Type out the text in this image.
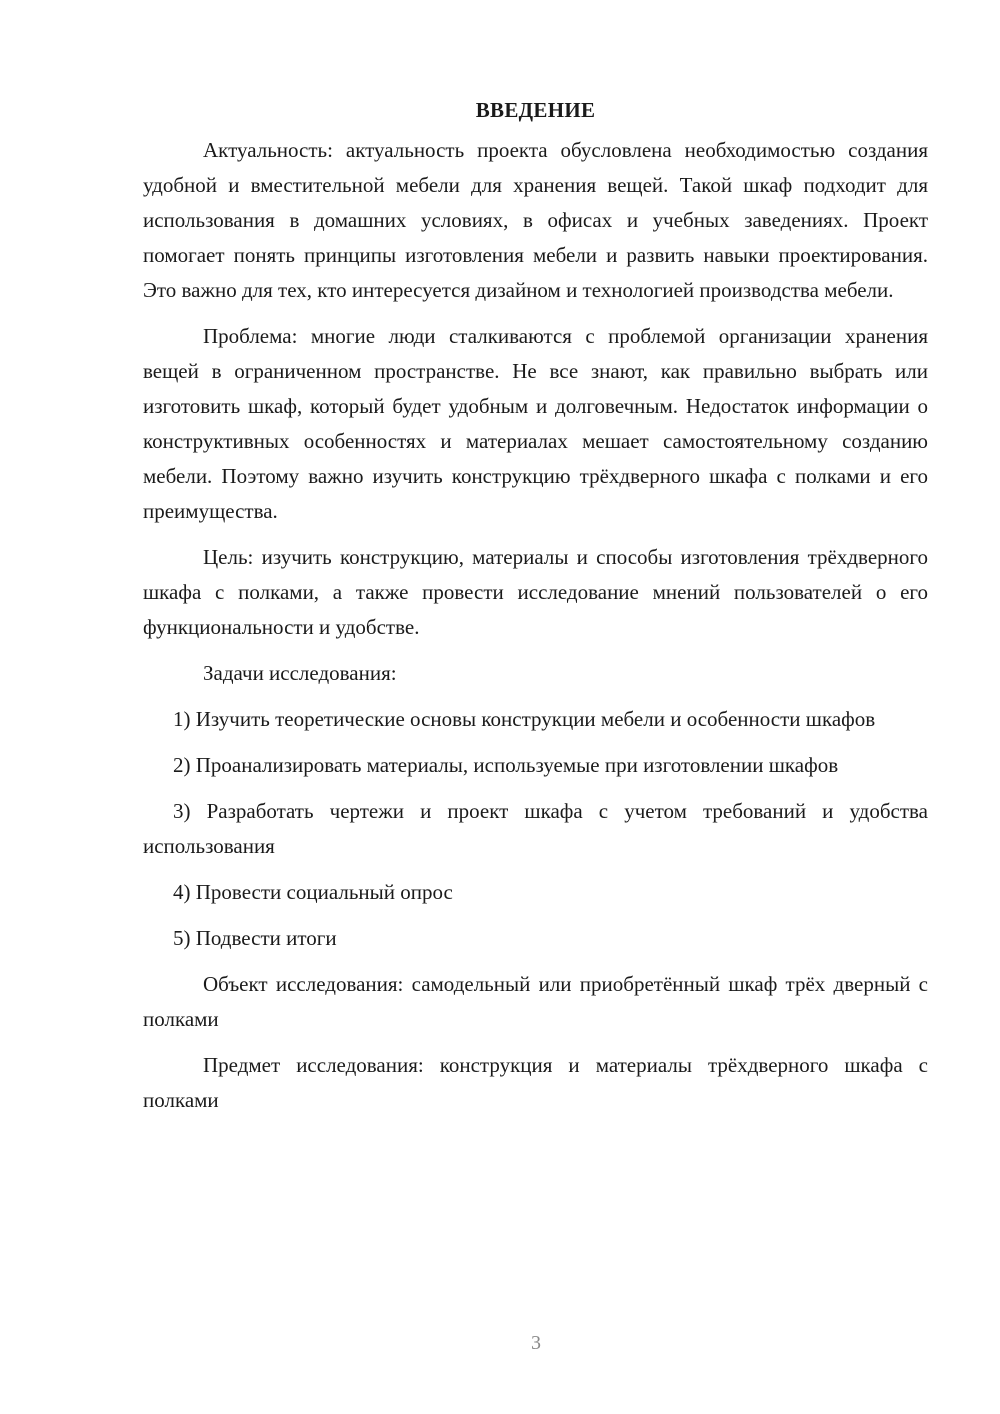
ВВЕДЕНИЕ

Актуальность: актуальность проекта обусловлена необходимостью создания удобной и вместительной мебели для хранения вещей. Такой шкаф подходит для использования в домашних условиях, в офисах и учебных заведениях. Проект помогает понять принципы изготовления мебели и развить навыки проектирования. Это важно для тех, кто интересуется дизайном и технологией производства мебели.

Проблема: многие люди сталкиваются с проблемой организации хранения вещей в ограниченном пространстве. Не все знают, как правильно выбрать или изготовить шкаф, который будет удобным и долговечным. Недостаток информации о конструктивных особенностях и материалах мешает самостоятельному созданию мебели. Поэтому важно изучить конструкцию трёхдверного шкафа с полками и его преимущества.

Цель: изучить конструкцию, материалы и способы изготовления трёхдверного шкафа с полками, а также провести исследование мнений пользователей о его функциональности и удобстве.

Задачи исследования:

1) Изучить теоретические основы конструкции мебели и особенности шкафов

2) Проанализировать материалы, используемые при изготовлении шкафов

3) Разработать чертежи и проект шкафа с учетом требований и удобства использования

4) Провести социальный опрос

5) Подвести итоги

Объект исследования: самодельный или приобретённый шкаф трёх дверный с полками

Предмет исследования: конструкция и материалы трёхдверного шкафа с полками

3
